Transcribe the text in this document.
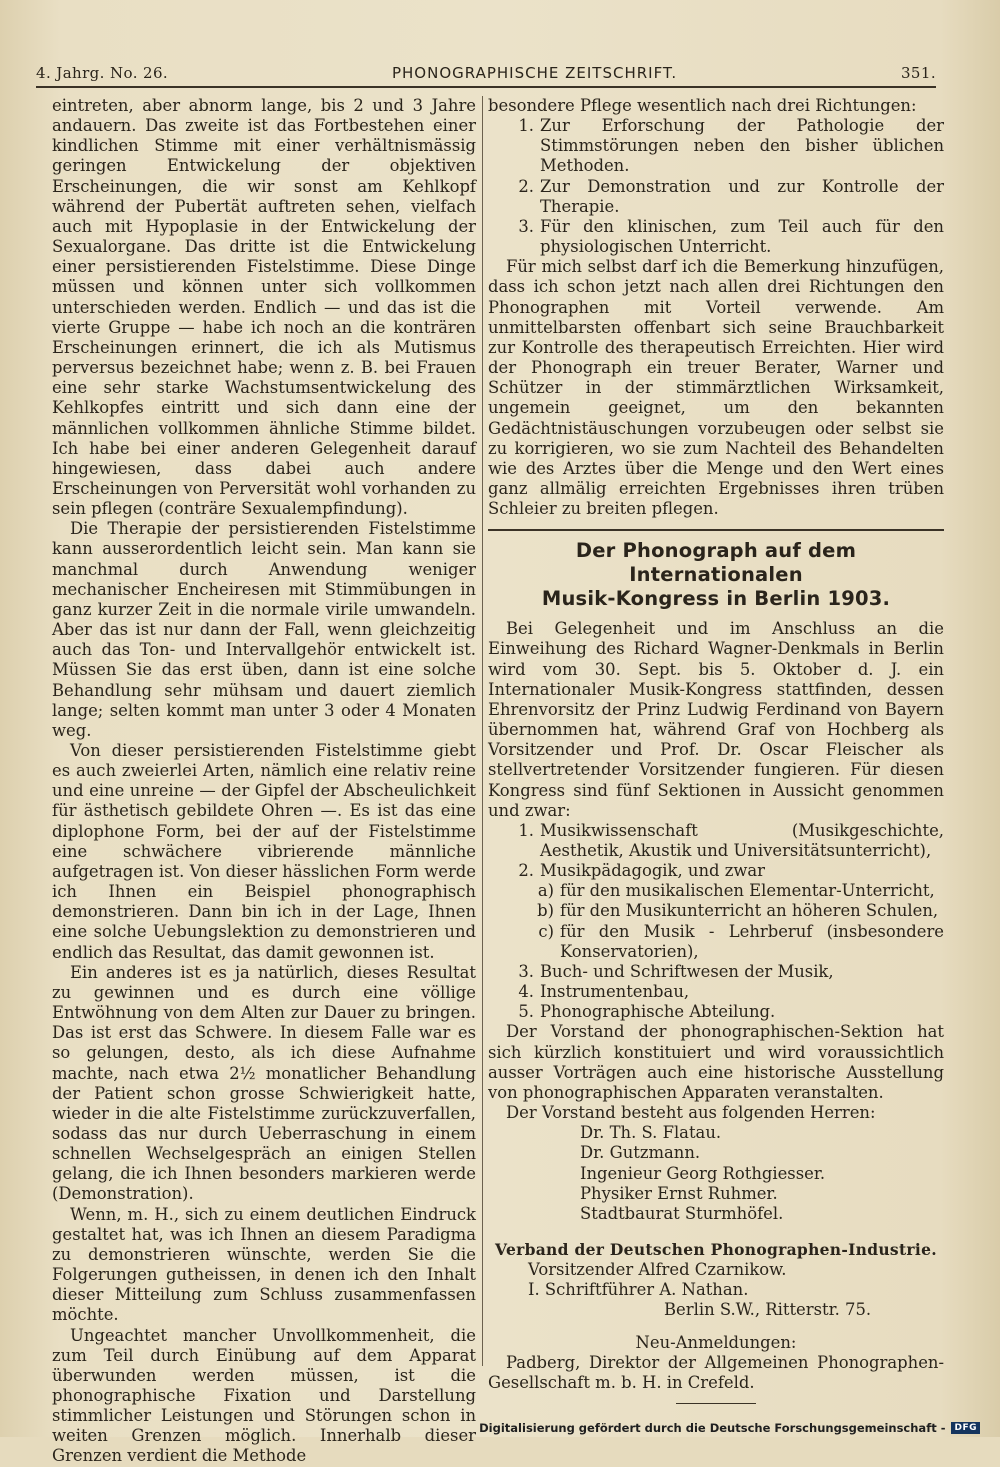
4. Jahrg. No. 26.	PHONOGRAPHISCHE ZEITSCHRIFT.	351.

eintreten, aber abnorm lange, bis 2 und 3 Jahre andauern. Das zweite ist das Fortbestehen einer kindlichen Stimme mit einer verhältnismässig geringen Entwickelung der objektiven Erscheinungen, die wir sonst am Kehlkopf während der Pubertät auftreten sehen, vielfach auch mit Hypoplasie in der Entwickelung der Sexualorgane. Das dritte ist die Entwickelung einer persistierenden Fistelstimme. Diese Dinge müssen und können unter sich vollkommen unterschieden werden. Endlich — und das ist die vierte Gruppe — habe ich noch an die konträren Erscheinungen erinnert, die ich als Mutismus perversus bezeichnet habe; wenn z. B. bei Frauen eine sehr starke Wachstumsentwickelung des Kehlkopfes eintritt und sich dann eine der männlichen vollkommen ähnliche Stimme bildet. Ich habe bei einer anderen Gelegenheit darauf hingewiesen, dass dabei auch andere Erscheinungen von Perversität wohl vorhanden zu sein pflegen (conträre Sexualempfindung).

Die Therapie der persistierenden Fistelstimme kann ausserordentlich leicht sein. Man kann sie manchmal durch Anwendung weniger mechanischer Encheiresen mit Stimmübungen in ganz kurzer Zeit in die normale virile umwandeln. Aber das ist nur dann der Fall, wenn gleichzeitig auch das Ton- und Intervallgehör entwickelt ist. Müssen Sie das erst üben, dann ist eine solche Behandlung sehr mühsam und dauert ziemlich lange; selten kommt man unter 3 oder 4 Monaten weg.

Von dieser persistierenden Fistelstimme giebt es auch zweierlei Arten, nämlich eine relativ reine und eine unreine — der Gipfel der Abscheulichkeit für ästhetisch gebildete Ohren —. Es ist das eine diplophone Form, bei der auf der Fistelstimme eine schwächere vibrierende männliche aufgetragen ist. Von dieser hässlichen Form werde ich Ihnen ein Beispiel phonographisch demonstrieren. Dann bin ich in der Lage, Ihnen eine solche Uebungslektion zu demonstrieren und endlich das Resultat, das damit gewonnen ist.

Ein anderes ist es ja natürlich, dieses Resultat zu gewinnen und es durch eine völlige Entwöhnung von dem Alten zur Dauer zu bringen. Das ist erst das Schwere. In diesem Falle war es so gelungen, desto, als ich diese Aufnahme machte, nach etwa 2½ monatlicher Behandlung der Patient schon grosse Schwierigkeit hatte, wieder in die alte Fistelstimme zurückzuverfallen, sodass das nur durch Ueberraschung in einem schnellen Wechselgespräch an einigen Stellen gelang, die ich Ihnen besonders markieren werde (Demonstration).

Wenn, m. H., sich zu einem deutlichen Eindruck gestaltet hat, was ich Ihnen an diesem Paradigma zu demonstrieren wünschte, werden Sie die Folgerungen gutheissen, in denen ich den Inhalt dieser Mitteilung zum Schluss zusammenfassen möchte.

Ungeachtet mancher Unvollkommenheit, die zum Teil durch Einübung auf dem Apparat überwunden werden müssen, ist die phonographische Fixation und Darstellung stimmlicher Leistungen und Störungen schon in weiten Grenzen möglich. Innerhalb dieser Grenzen verdient die Methode

besondere Pflege wesentlich nach drei Richtungen:

1. Zur Erforschung der Pathologie der Stimmstörungen neben den bisher üblichen Methoden.
2. Zur Demonstration und zur Kontrolle der Therapie.
3. Für den klinischen, zum Teil auch für den physiologischen Unterricht.

Für mich selbst darf ich die Bemerkung hinzufügen, dass ich schon jetzt nach allen drei Richtungen den Phonographen mit Vorteil verwende. Am unmittelbarsten offenbart sich seine Brauchbarkeit zur Kontrolle des therapeutisch Erreichten. Hier wird der Phonograph ein treuer Berater, Warner und Schützer in der stimmärztlichen Wirksamkeit, ungemein geeignet, um den bekannten Gedächtnistäuschungen vorzubeugen oder selbst sie zu korrigieren, wo sie zum Nachteil des Behandelten wie des Arztes über die Menge und den Wert eines ganz allmälig erreichten Ergebnisses ihren trüben Schleier zu breiten pflegen.

Der Phonograph auf dem Internationalen
Musik-Kongress in Berlin 1903.

Bei Gelegenheit und im Anschluss an die Einweihung des Richard Wagner-Denkmals in Berlin wird vom 30. Sept. bis 5. Oktober d. J. ein Internationaler Musik-Kongress stattfinden, dessen Ehrenvorsitz der Prinz Ludwig Ferdinand von Bayern übernommen hat, während Graf von Hochberg als Vorsitzender und Prof. Dr. Oscar Fleischer als stellvertretender Vorsitzender fungieren. Für diesen Kongress sind fünf Sektionen in Aussicht genommen und zwar:

1. Musikwissenschaft (Musikgeschichte, Aesthetik, Akustik und Universitätsunterricht),
2. Musikpädagogik, und zwar
a) für den musikalischen Elementar-Unterricht,
b) für den Musikunterricht an höheren Schulen,
c) für den Musik - Lehrberuf (insbesondere Konservatorien),
3. Buch- und Schriftwesen der Musik,
4. Instrumentenbau,
5. Phonographische Abteilung.

Der Vorstand der phonographischen-Sektion hat sich kürzlich konstituiert und wird voraussichtlich ausser Vorträgen auch eine historische Ausstellung von phonographischen Apparaten veranstalten.

Der Vorstand besteht aus folgenden Herren:

Dr. Th. S. Flatau.
Dr. Gutzmann.
Ingenieur Georg Rothgiesser.
Physiker Ernst Ruhmer.
Stadtbaurat Sturmhöfel.
Verband der Deutschen Phonographen-Industrie.
Vorsitzender Alfred Czarnikow.
I. Schriftführer A. Nathan.
Berlin S.W., Ritterstr. 75.
Neu-Anmeldungen:

Padberg, Direktor der Allgemeinen Phonographen-Gesellschaft m. b. H. in Crefeld.

Digitalisierung gefördert durch die Deutsche Forschungsgemeinschaft -	DFG
